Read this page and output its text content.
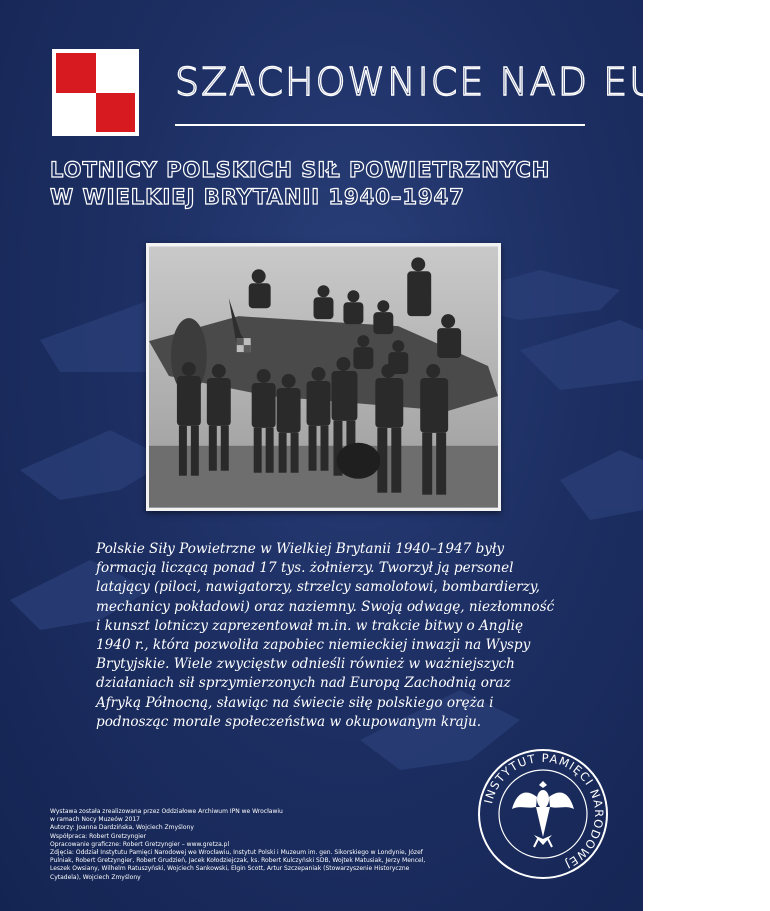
SZACHOWNICE NAD EUROPĄ
LOTNICY POLSKICH SIŁ POWIETRZNYCH
W WIELKIEJ BRYTANII 1940–1947
Polskie Siły Powietrzne w Wielkiej Brytanii 1940–1947 były formacją liczącą ponad 17 tys. żołnierzy. Tworzył ją personel latający (piloci, nawigatorzy, strzelcy samolotowi, bombardierzy, mechanicy pokładowi) oraz naziemny. Swoją odwagę, niezłomność i kunszt lotniczy zaprezentował m.in. w trakcie bitwy o Anglię 1940 r., która pozwoliła zapobiec niemieckiej inwazji na Wyspy Brytyjskie. Wiele zwycięstw odnieśli również w ważniejszych działaniach sił sprzymierzonych nad Europą Zachodnią oraz Afryką Północną, sławiąc na świecie siłę polskiego oręża i podnosząc morale społeczeństwa w okupowanym kraju.
Wystawa została zrealizowana przez Oddziałowe Archiwum IPN we Wrocławiu
w ramach Nocy Muzeów 2017
Autorzy: Joanna Dardzińska, Wojciech Zmyślony
Współpraca: Robert Gretzyngier
Opracowanie graficzne: Robert Gretzyngier – www.gretza.pl
Zdjęcia: Oddział Instytutu Pamięci Narodowej we Wrocławiu, Instytut Polski i Muzeum im. gen. Sikorskiego w Londynie, Józef Pulniak, Robert Gretzyngier, Robert Grudzień, Jacek Kołodziejczak, ks. Robert Kulczyński SDB, Wojtek Matusiak, Jerzy Mencel, Leszek Owsiany, Wilhelm Ratuszyński, Wojciech Sankowski, Elgin Scott, Artur Szczepaniak (Stowarzyszenie Historyczne Cytadela), Wojciech Zmyślony
INSTYTUT PAMIĘCI NARODOWEJ
